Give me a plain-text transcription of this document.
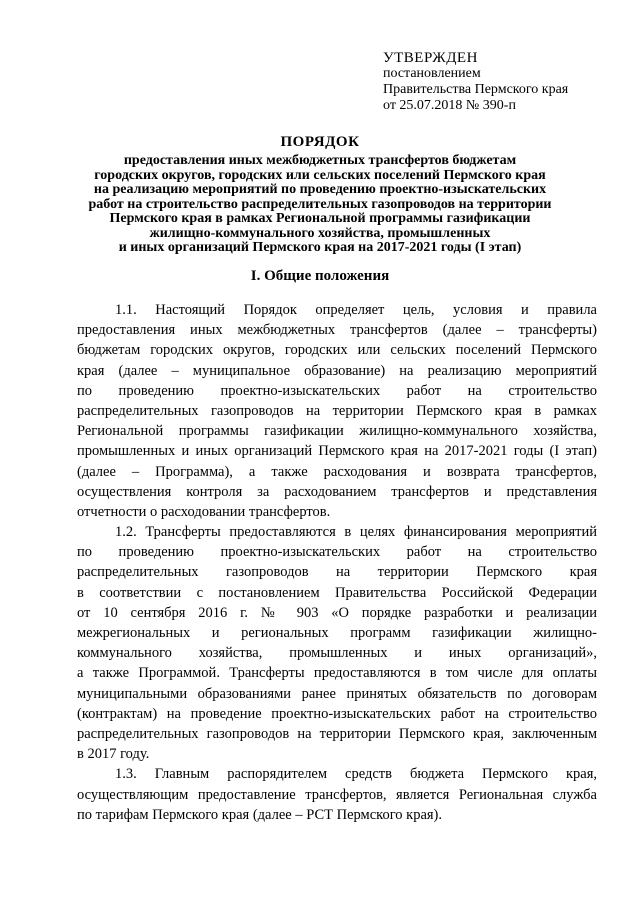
УТВЕРЖДЕН
постановлением
Правительства Пермского края
от 25.07.2018 № 390-п
ПОРЯДОК
предоставления иных межбюджетных трансфертов бюджетам
городских округов, городских или сельских поселений Пермского края
на реализацию мероприятий по проведению проектно-изыскательских
работ на строительство распределительных газопроводов на территории
Пермского края в рамках Региональной программы газификации
жилищно-коммунального хозяйства, промышленных
и иных организаций Пермского края на 2017-2021 годы (I этап)
I. Общие положения
1.1. Настоящий Порядок определяет цель, условия и правила
предоставления иных межбюджетных трансфертов (далее – трансферты)
бюджетам городских округов, городских или сельских поселений Пермского
края (далее – муниципальное образование) на реализацию мероприятий
по проведению проектно-изыскательских работ на строительство
распределительных газопроводов на территории Пермского края в рамках
Региональной программы газификации жилищно-коммунального хозяйства,
промышленных и иных организаций Пермского края на 2017-2021 годы (I этап)
(далее – Программа), а также расходования и возврата трансфертов,
осуществления контроля за расходованием трансфертов и представления
отчетности о расходовании трансфертов.
1.2. Трансферты предоставляются в целях финансирования мероприятий
по проведению проектно-изыскательских работ на строительство
распределительных газопроводов на территории Пермского края
в соответствии с постановлением Правительства Российской Федерации
от 10 сентября 2016 г. № 903 «О порядке разработки и реализации
межрегиональных и региональных программ газификации жилищно-
коммунального хозяйства, промышленных и иных организаций»,
а также Программой. Трансферты предоставляются в том числе для оплаты
муниципальными образованиями ранее принятых обязательств по договорам
(контрактам) на проведение проектно-изыскательских работ на строительство
распределительных газопроводов на территории Пермского края, заключенным
в 2017 году.
1.3. Главным распорядителем средств бюджета Пермского края,
осуществляющим предоставление трансфертов, является Региональная служба
по тарифам Пермского края (далее – РСТ Пермского края).
